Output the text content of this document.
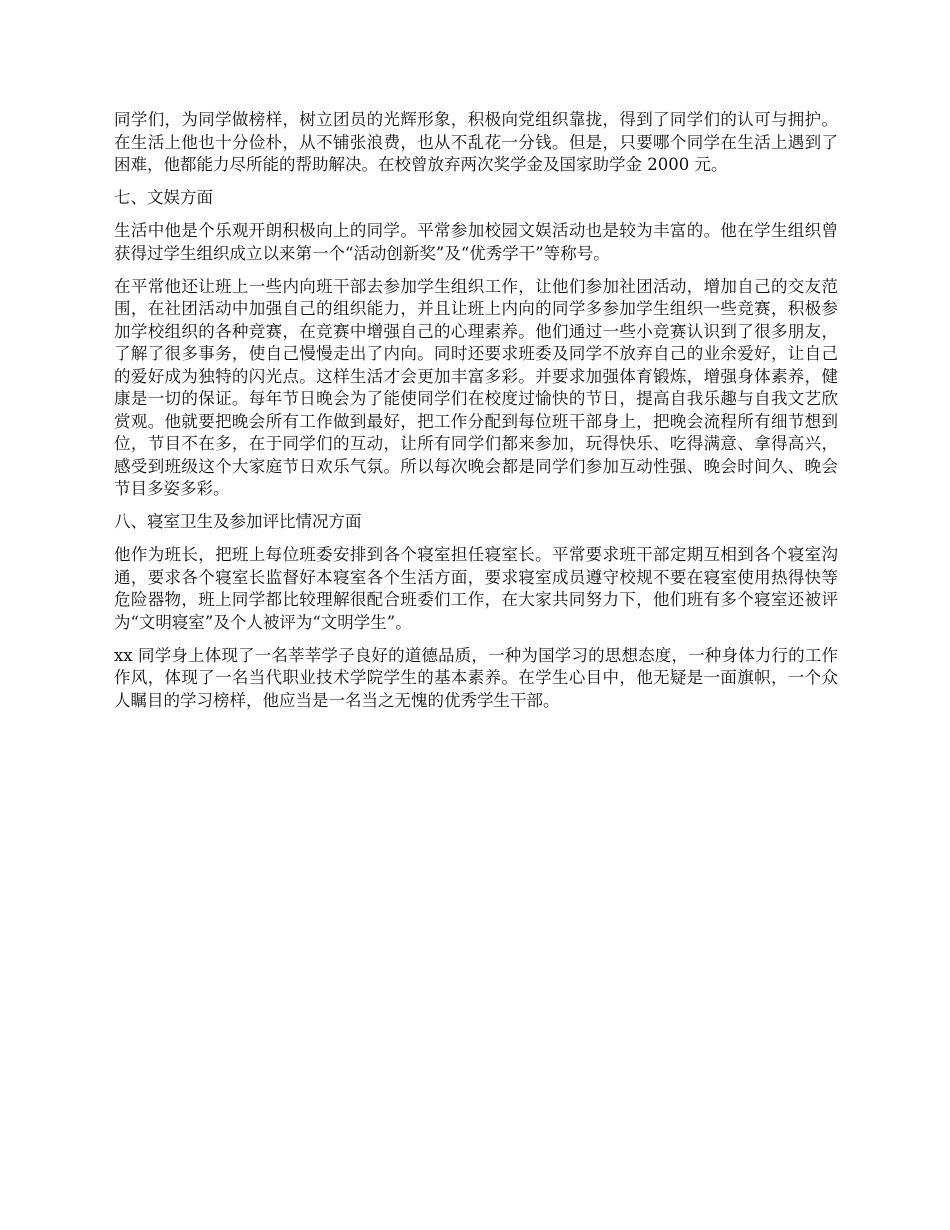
同学们，为同学做榜样，树立团员的光辉形象，积极向党组织靠拢，得到了同学们的认可与拥护。在生活上他也十分俭朴，从不铺张浪费，也从不乱花一分钱。但是，只要哪个同学在生活上遇到了困难，他都能力尽所能的帮助解决。在校曾放弃两次奖学金及国家助学金 2000 元。

七、文娱方面

生活中他是个乐观开朗积极向上的同学。平常参加校园文娱活动也是较为丰富的。他在学生组织曾获得过学生组织成立以来第一个“活动创新奖”及“优秀学干”等称号。

在平常他还让班上一些内向班干部去参加学生组织工作，让他们参加社团活动，增加自己的交友范围，在社团活动中加强自己的组织能力，并且让班上内向的同学多参加学生组织一些竞赛，积极参加学校组织的各种竞赛，在竞赛中增强自己的心理素养。他们通过一些小竞赛认识到了很多朋友，了解了很多事务，使自己慢慢走出了内向。同时还要求班委及同学不放弃自己的业余爱好，让自己的爱好成为独特的闪光点。这样生活才会更加丰富多彩。并要求加强体育锻炼，增强身体素养，健康是一切的保证。每年节日晚会为了能使同学们在校度过愉快的节日，提高自我乐趣与自我文艺欣赏观。他就要把晚会所有工作做到最好，把工作分配到每位班干部身上，把晚会流程所有细节想到位，节目不在多，在于同学们的互动，让所有同学们都来参加，玩得快乐、吃得满意、拿得高兴，感受到班级这个大家庭节日欢乐气氛。所以每次晚会都是同学们参加互动性强、晚会时间久、晚会节目多姿多彩。

八、寝室卫生及参加评比情况方面

他作为班长，把班上每位班委安排到各个寝室担任寝室长。平常要求班干部定期互相到各个寝室沟通，要求各个寝室长监督好本寝室各个生活方面，要求寝室成员遵守校规不要在寝室使用热得快等危险器物，班上同学都比较理解很配合班委们工作，在大家共同努力下，他们班有多个寝室还被评为“文明寝室”及个人被评为“文明学生”。

xx 同学身上体现了一名莘莘学子良好的道德品质，一种为国学习的思想态度，一种身体力行的工作作风，体现了一名当代职业技术学院学生的基本素养。在学生心目中，他无疑是一面旗帜，一个众人瞩目的学习榜样，他应当是一名当之无愧的优秀学生干部。
